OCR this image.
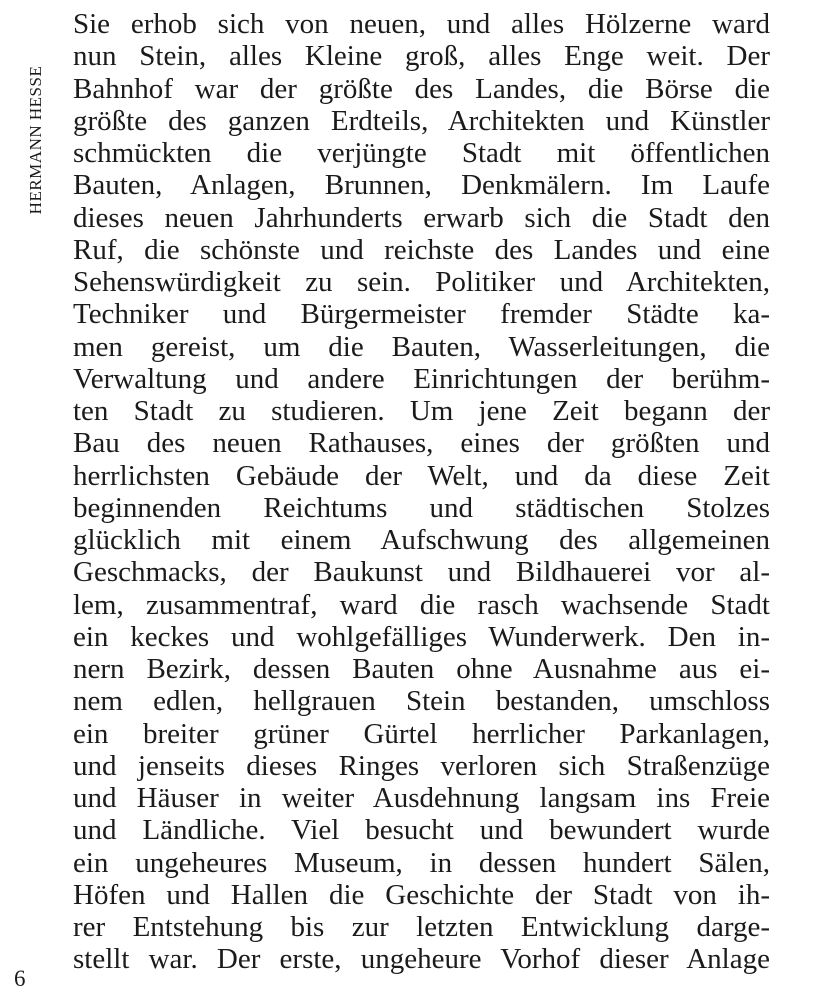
HERMANN HESSE
Sie erhob sich von neuen, und alles Hölzerne ward
nun Stein, alles Kleine groß, alles Enge weit. Der
Bahnhof war der größte des Landes, die Börse die
größte des ganzen Erdteils, Architekten und Künstler
schmückten die verjüngte Stadt mit öffentlichen
Bauten, Anlagen, Brunnen, Denkmälern. Im Laufe
dieses neuen Jahrhunderts erwarb sich die Stadt den
Ruf, die schönste und reichste des Landes und eine
Sehenswürdigkeit zu sein. Politiker und Architekten,
Techniker und Bürgermeister fremder Städte ka-
men gereist, um die Bauten, Wasserleitungen, die
Verwaltung und andere Einrichtungen der berühm-
ten Stadt zu studieren. Um jene Zeit begann der
Bau des neuen Rathauses, eines der größten und
herrlichsten Gebäude der Welt, und da diese Zeit
beginnenden Reichtums und städtischen Stolzes
glücklich mit einem Aufschwung des allgemeinen
Geschmacks, der Baukunst und Bildhauerei vor al-
lem, zusammentraf, ward die rasch wachsende Stadt
ein keckes und wohlgefälliges Wunderwerk. Den in-
nern Bezirk, dessen Bauten ohne Ausnahme aus ei-
nem edlen, hellgrauen Stein bestanden, umschloss
ein breiter grüner Gürtel herrlicher Parkanlagen,
und jenseits dieses Ringes verloren sich Straßenzüge
und Häuser in weiter Ausdehnung langsam ins Freie
und Ländliche. Viel besucht und bewundert wurde
ein ungeheures Museum, in dessen hundert Sälen,
Höfen und Hallen die Geschichte der Stadt von ih-
rer Entstehung bis zur letzten Entwicklung darge-
stellt war. Der erste, ungeheure Vorhof dieser Anlage
6
